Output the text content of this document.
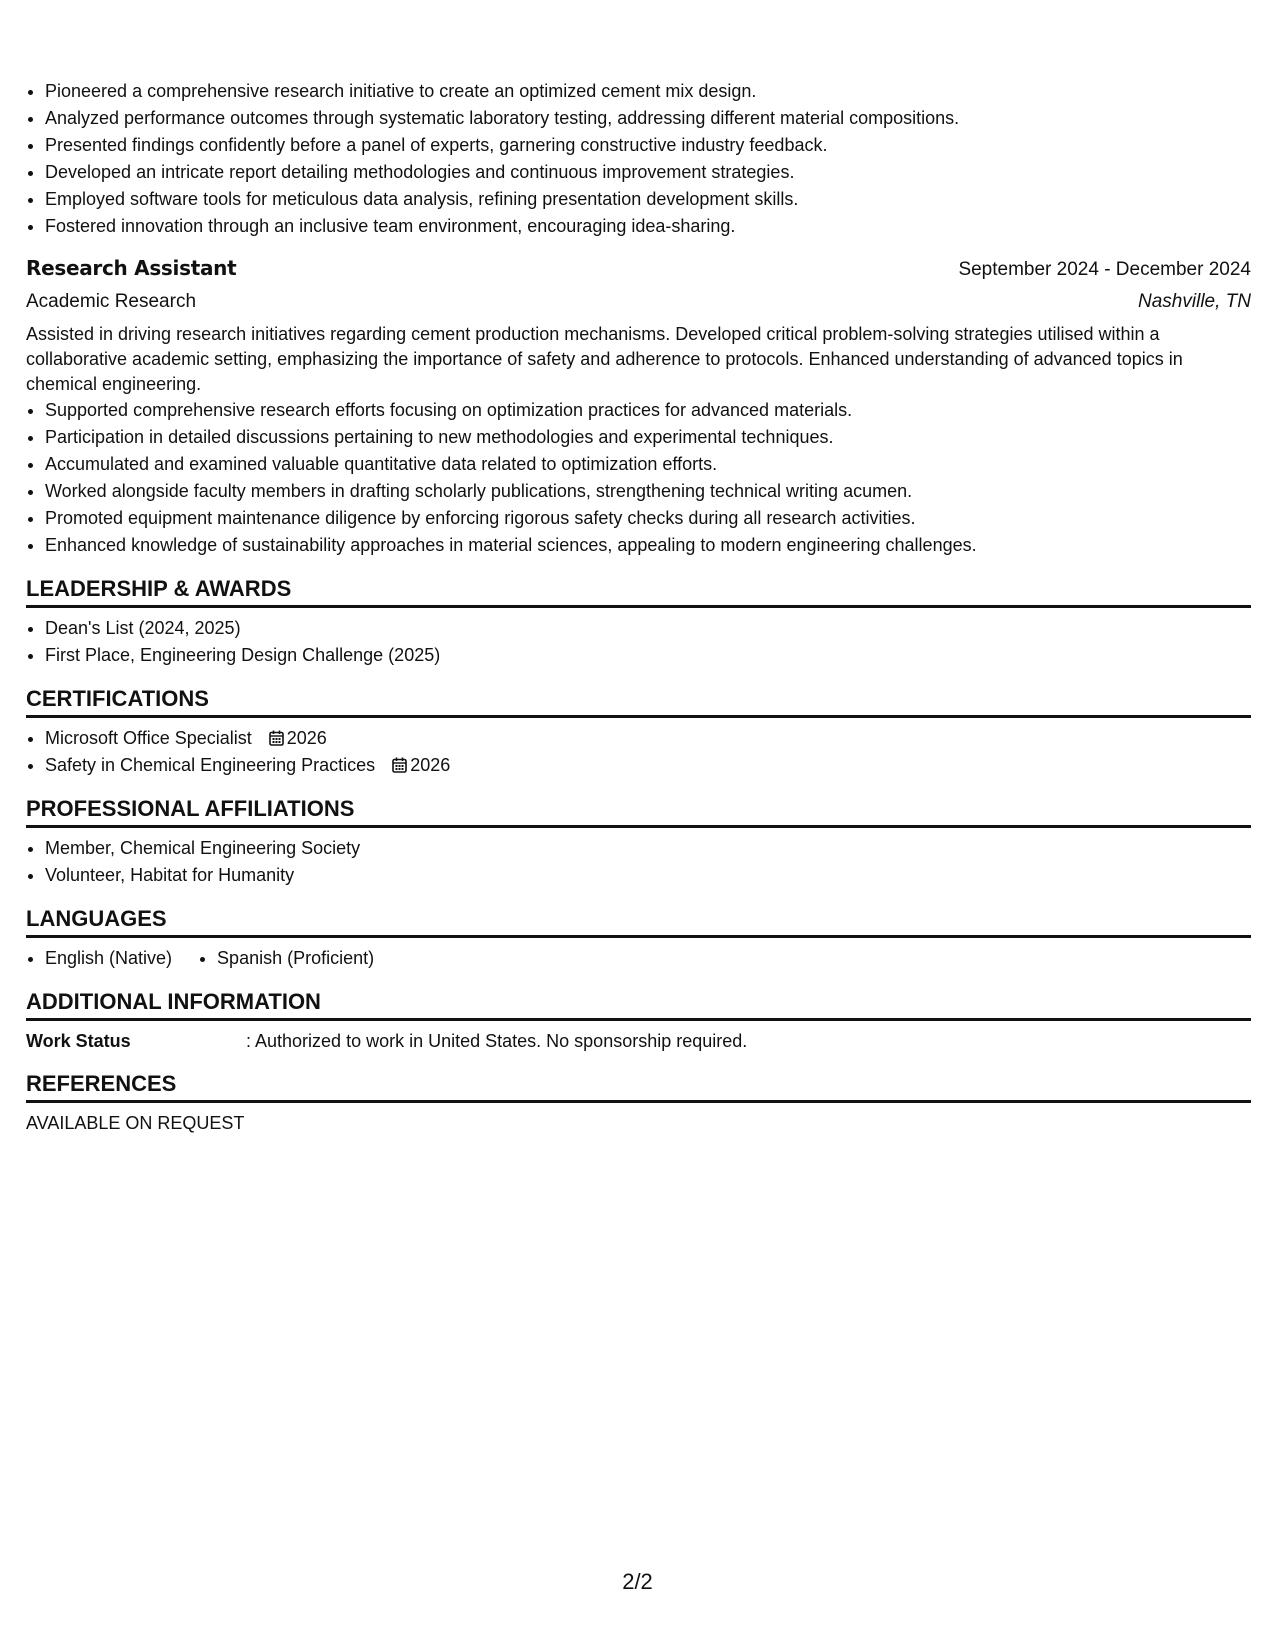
Pioneered a comprehensive research initiative to create an optimized cement mix design.
Analyzed performance outcomes through systematic laboratory testing, addressing different material compositions.
Presented findings confidently before a panel of experts, garnering constructive industry feedback.
Developed an intricate report detailing methodologies and continuous improvement strategies.
Employed software tools for meticulous data analysis, refining presentation development skills.
Fostered innovation through an inclusive team environment, encouraging idea-sharing.
Research Assistant	September 2024 - December 2024
Academic Research	Nashville, TN
Assisted in driving research initiatives regarding cement production mechanisms. Developed critical problem-solving strategies utilised within a collaborative academic setting, emphasizing the importance of safety and adherence to protocols. Enhanced understanding of advanced topics in chemical engineering.
Supported comprehensive research efforts focusing on optimization practices for advanced materials.
Participation in detailed discussions pertaining to new methodologies and experimental techniques.
Accumulated and examined valuable quantitative data related to optimization efforts.
Worked alongside faculty members in drafting scholarly publications, strengthening technical writing acumen.
Promoted equipment maintenance diligence by enforcing rigorous safety checks during all research activities.
Enhanced knowledge of sustainability approaches in material sciences, appealing to modern engineering challenges.
LEADERSHIP & AWARDS
Dean's List (2024, 2025)
First Place, Engineering Design Challenge (2025)
CERTIFICATIONS
Microsoft Office Specialist 2026
Safety in Chemical Engineering Practices 2026
PROFESSIONAL AFFILIATIONS
Member, Chemical Engineering Society
Volunteer, Habitat for Humanity
LANGUAGES
English (Native)	Spanish (Proficient)
ADDITIONAL INFORMATION
Work Status	: Authorized to work in United States. No sponsorship required.
REFERENCES
AVAILABLE ON REQUEST
2/2
